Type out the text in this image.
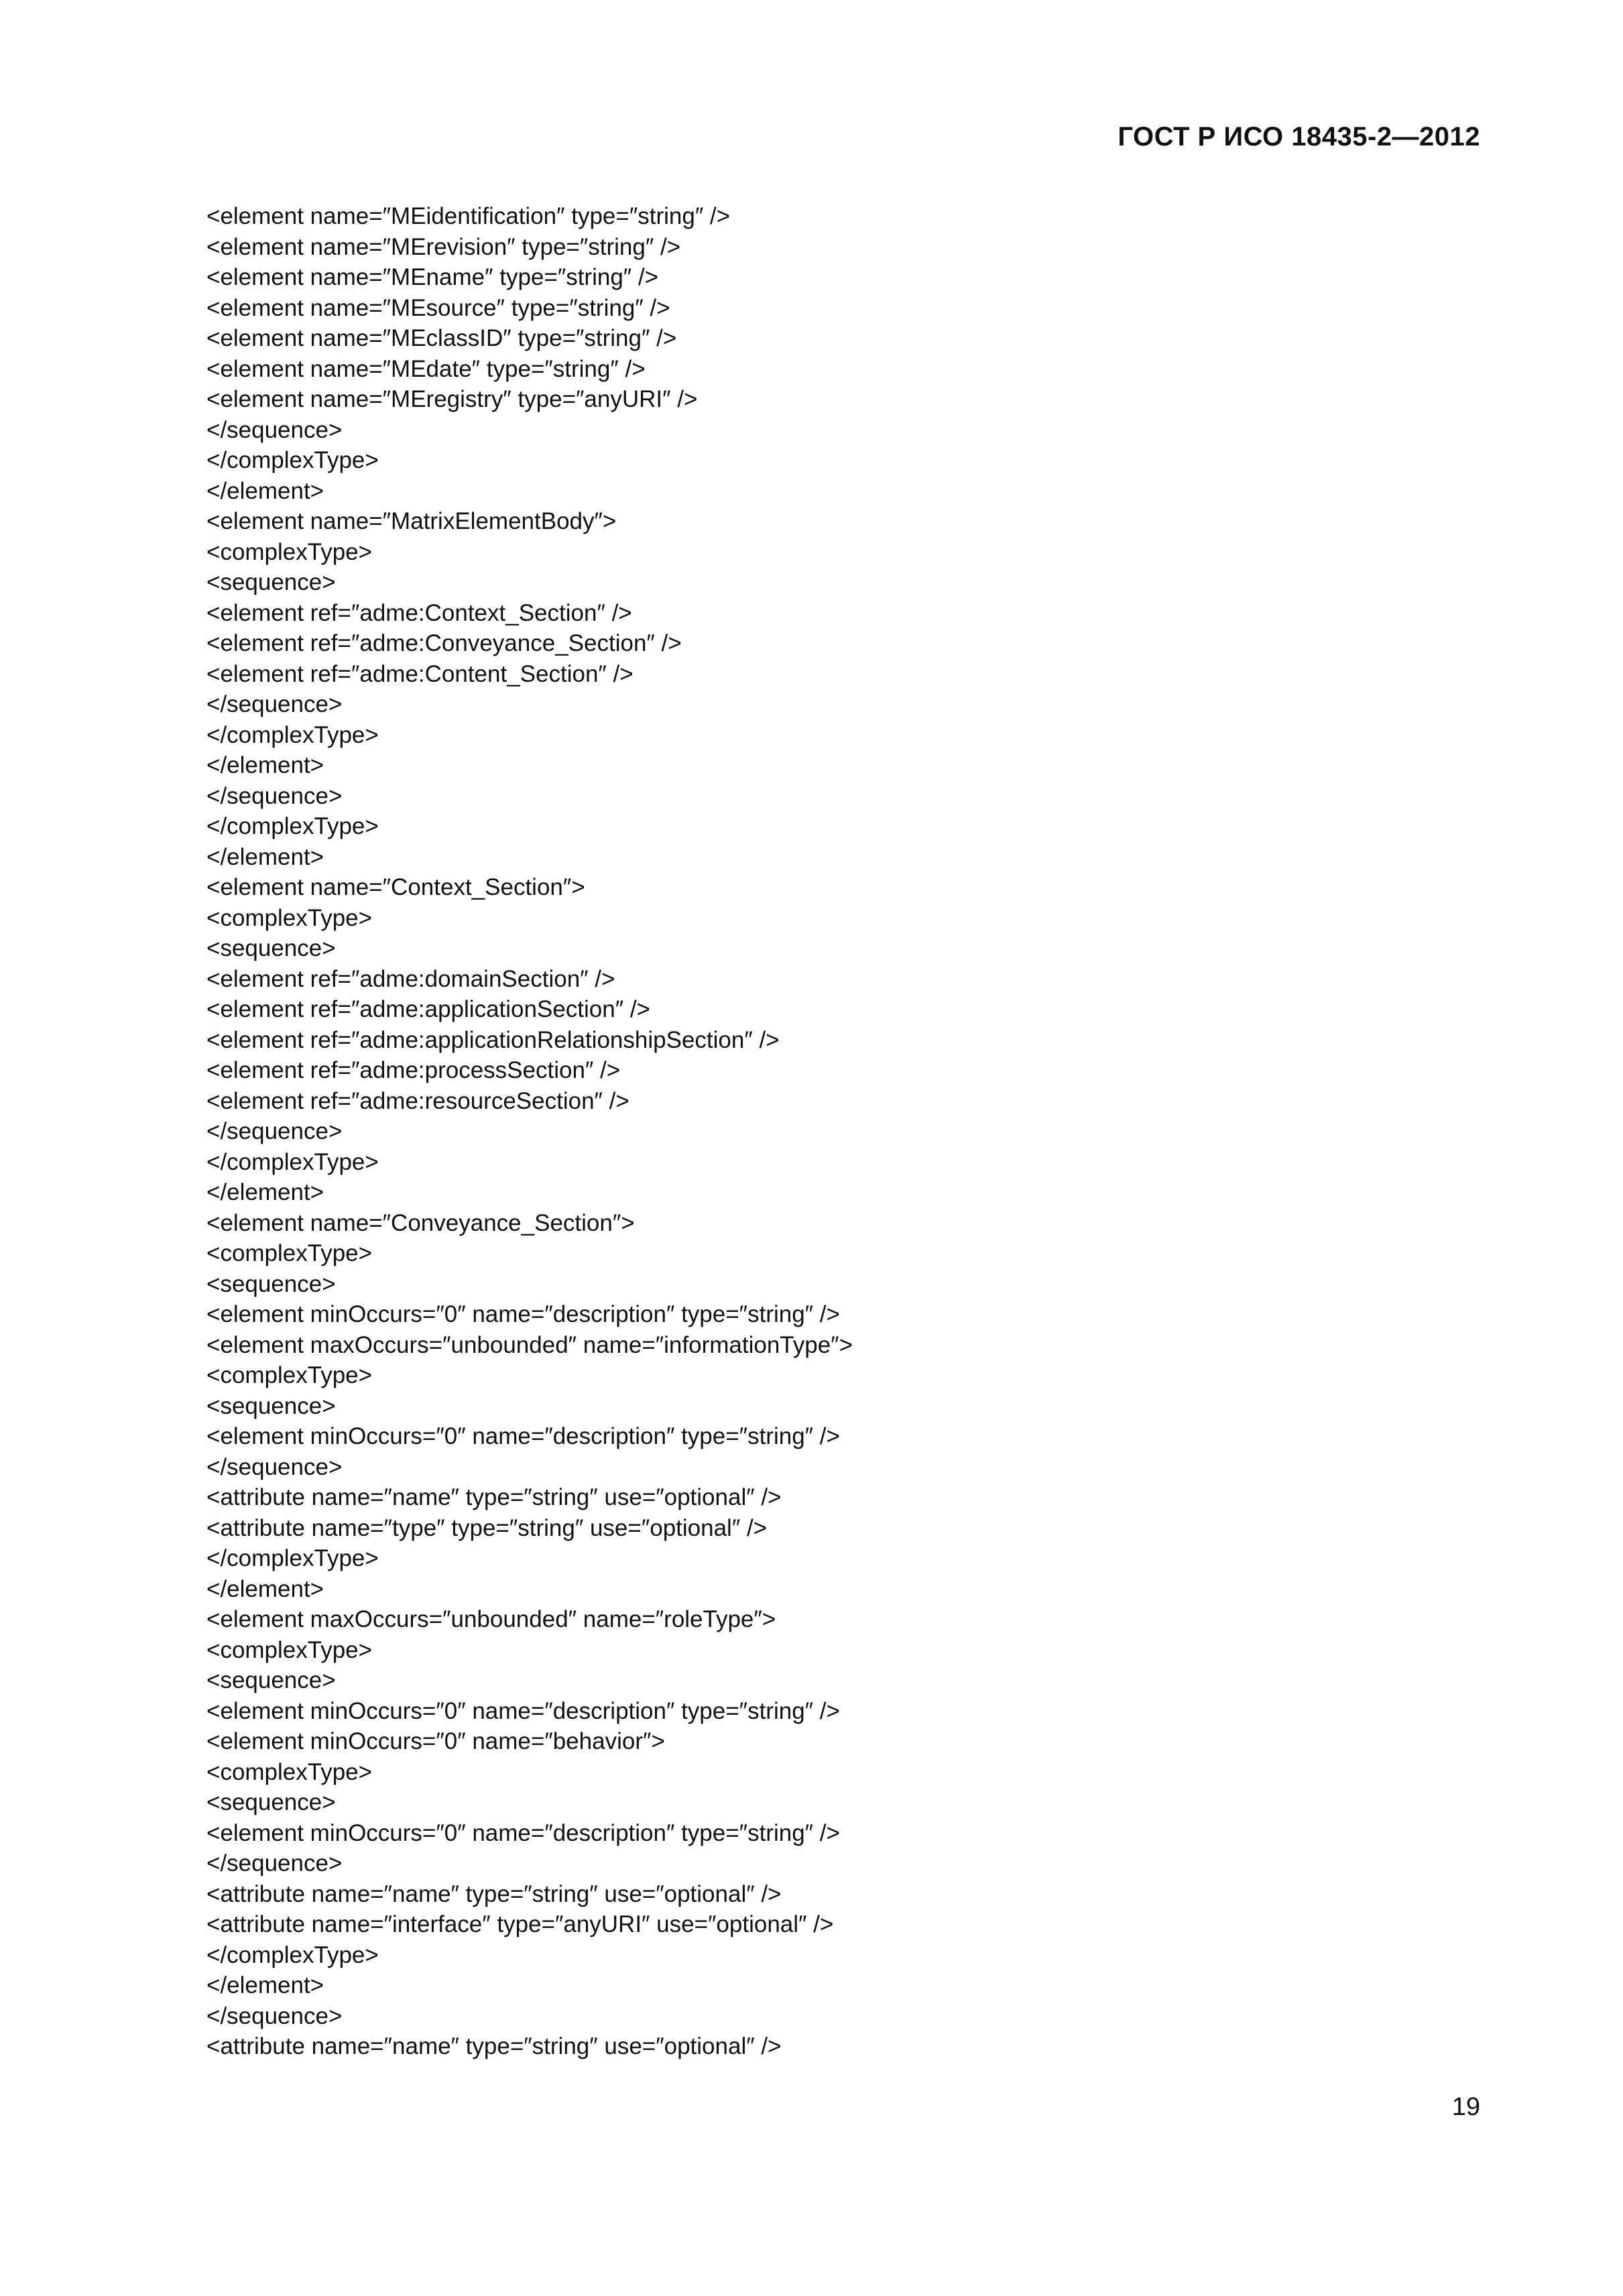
ГОСТ Р ИСО 18435-2—2012
<element name=″MEidentification″ type=″string″ />
<element name=″MErevision″ type=″string″ />
<element name=″MEname″ type=″string″ />
<element name=″MEsource″ type=″string″ />
<element name=″MEclassID″ type=″string″ />
<element name=″MEdate″ type=″string″ />
<element name=″MEregistry″ type=″anyURI″ />
</sequence>
</complexType>
</element>
<element name=″MatrixElementBody″>
<complexType>
<sequence>
<element ref=″adme:Context_Section″ />
<element ref=″adme:Conveyance_Section″ />
<element ref=″adme:Content_Section″ />
</sequence>
</complexType>
</element>
</sequence>
</complexType>
</element>
<element name=″Context_Section″>
<complexType>
<sequence>
<element ref=″adme:domainSection″ />
<element ref=″adme:applicationSection″ />
<element ref=″adme:applicationRelationshipSection″ />
<element ref=″adme:processSection″ />
<element ref=″adme:resourceSection″ />
</sequence>
</complexType>
</element>
<element name=″Conveyance_Section″>
<complexType>
<sequence>
<element minOccurs=″0″ name=″description″ type=″string″ />
<element maxOccurs=″unbounded″ name=″informationType″>
<complexType>
<sequence>
<element minOccurs=″0″ name=″description″ type=″string″ />
</sequence>
<attribute name=″name″ type=″string″ use=″optional″ />
<attribute name=″type″ type=″string″ use=″optional″ />
</complexType>
</element>
<element maxOccurs=″unbounded″ name=″roleType″>
<complexType>
<sequence>
<element minOccurs=″0″ name=″description″ type=″string″ />
<element minOccurs=″0″ name=″behavior″>
<complexType>
<sequence>
<element minOccurs=″0″ name=″description″ type=″string″ />
</sequence>
<attribute name=″name″ type=″string″ use=″optional″ />
<attribute name=″interface″ type=″anyURI″ use=″optional″ />
</complexType>
</element>
</sequence>
<attribute name=″name″ type=″string″ use=″optional″ />
19
